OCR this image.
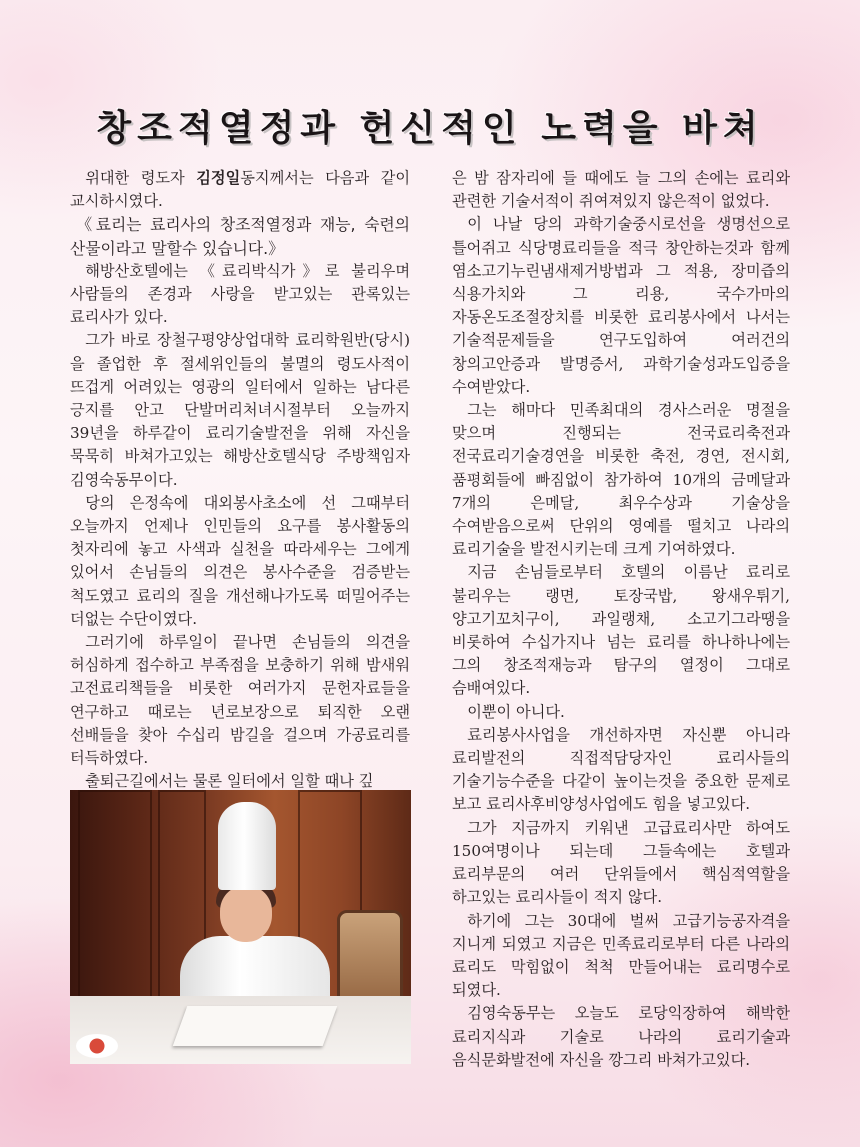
창조적열정과 헌신적인 노력을 바쳐

위대한 령도자 김정일동지께서는 다음과 같이 교시하시였다.

《료리는 료리사의 창조적열정과 재능, 숙련의 산물이라고 말할수 있습니다.》

해방산호텔에는 《료리박식가》로 불리우며 사람들의 존경과 사랑을 받고있는 관록있는 료리사가 있다.

그가 바로 장철구평양상업대학 료리학원반(당시)을 졸업한 후 절세위인들의 불멸의 령도사적이 뜨겁게 어려있는 영광의 일터에서 일하는 남다른 긍지를 안고 단발머리처녀시절부터 오늘까지 39년을 하루같이 료리기술발전을 위해 자신을 묵묵히 바쳐가고있는 해방산호텔식당 주방책임자 김영숙동무이다.

당의 은정속에 대외봉사초소에 선 그때부터 오늘까지 언제나 인민들의 요구를 봉사활동의 첫자리에 놓고 사색과 실천을 따라세우는 그에게 있어서 손님들의 의견은 봉사수준을 검증받는 척도였고 료리의 질을 개선해나가도록 떠밀어주는 더없는 수단이였다.

그러기에 하루일이 끝나면 손님들의 의견을 허심하게 접수하고 부족점을 보충하기 위해 밤새워 고전료리책들을 비롯한 여러가지 문헌자료들을 연구하고 때로는 년로보장으로 퇴직한 오랜 선배들을 찾아 수십리 밤길을 걸으며 가공료리를 터득하였다.

출퇴근길에서는 물론 일터에서 일할 때나 깊

은 밤 잠자리에 들 때에도 늘 그의 손에는 료리와 관련한 기술서적이 쥐여져있지 않은적이 없었다.

이 나날 당의 과학기술중시로선을 생명선으로 틀어쥐고 식당명료리들을 적극 창안하는것과 함께 염소고기누린냄새제거방법과 그 적용, 장미즙의 식용가치와 그 리용, 국수가마의 자동온도조절장치를 비롯한 료리봉사에서 나서는 기술적문제들을 연구도입하여 여러건의 창의고안증과 발명증서, 과학기술성과도입증을 수여받았다.

그는 해마다 민족최대의 경사스러운 명절을 맞으며 진행되는 전국료리축전과 전국료리기술경연을 비롯한 축전, 경연, 전시회, 품평회들에 빠짐없이 참가하여 10개의 금메달과 7개의 은메달, 최우수상과 기술상을 수여받음으로써 단위의 영예를 떨치고 나라의 료리기술을 발전시키는데 크게 기여하였다.

지금 손님들로부터 호텔의 이름난 료리로 불리우는 랭면, 토장국밥, 왕새우튀기, 양고기꼬치구이, 과일랭채, 소고기그라땡을 비롯하여 수십가지나 넘는 료리를 하나하나에는 그의 창조적재능과 탐구의 열정이 그대로 슴배여있다.

이뿐이 아니다.

료리봉사사업을 개선하자면 자신뿐 아니라 료리발전의 직접적담당자인 료리사들의 기술기능수준을 다같이 높이는것을 중요한 문제로 보고 료리사후비양성사업에도 힘을 넣고있다.

그가 지금까지 키워낸 고급료리사만 하여도 150여명이나 되는데 그들속에는 호텔과 료리부문의 여러 단위들에서 핵심적역할을 하고있는 료리사들이 적지 않다.

하기에 그는 30대에 벌써 고급기능공자격을 지니게 되였고 지금은 민족료리로부터 다른 나라의 료리도 막힘없이 척척 만들어내는 료리명수로 되였다.

김영숙동무는 오늘도 로당익장하여 해박한 료리지식과 기술로 나라의 료리기술과 음식문화발전에 자신을 깡그리 바쳐가고있다.
